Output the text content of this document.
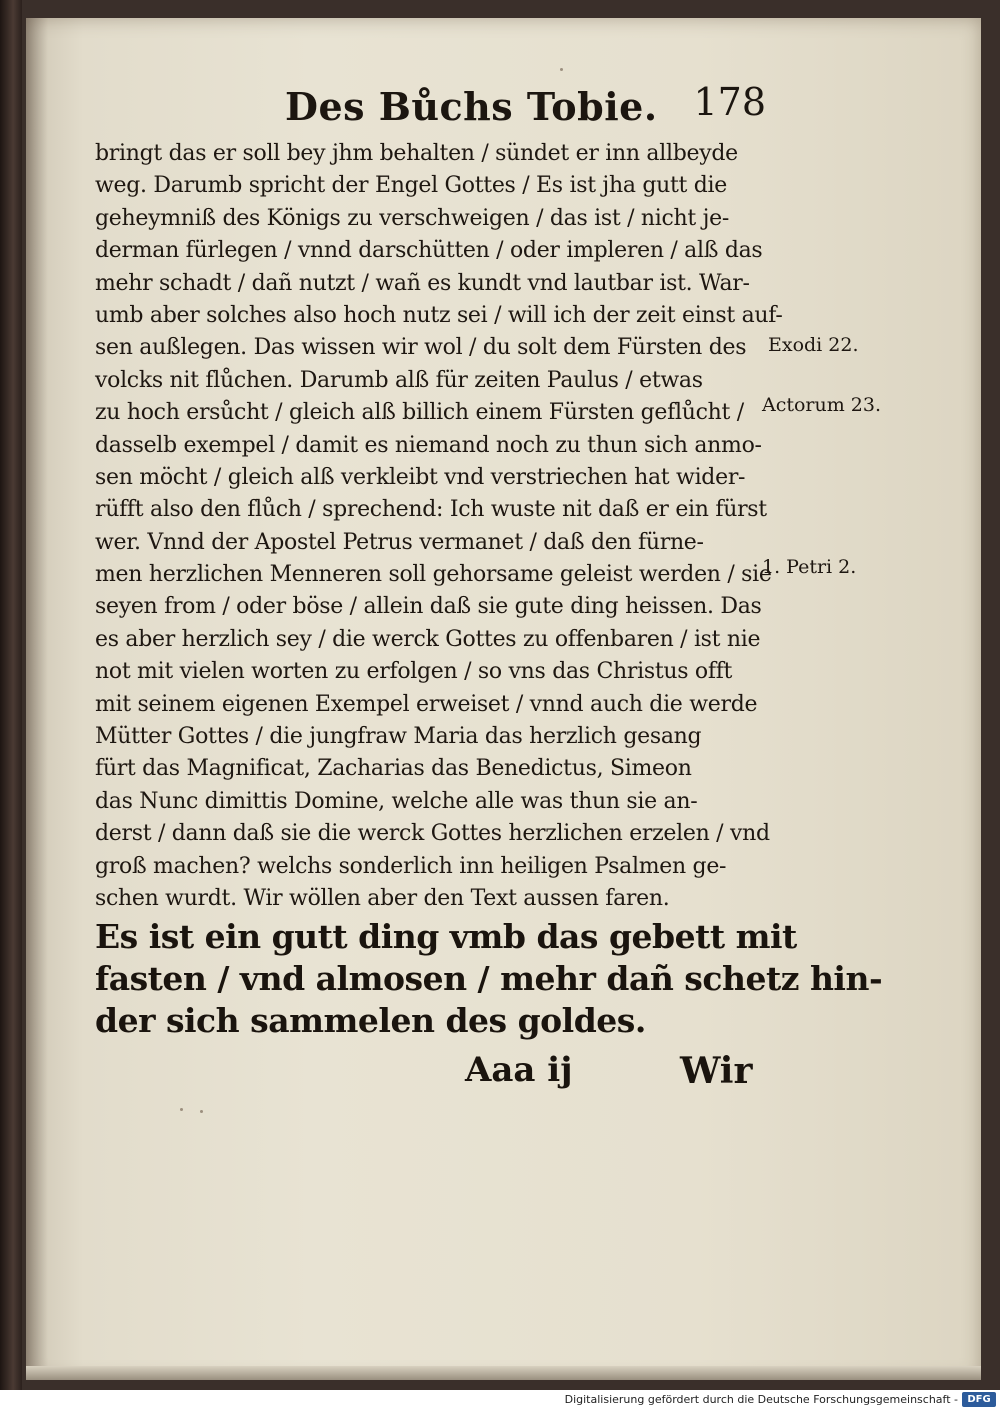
Des Bůchs Tobie. 178
bringt das er soll bey jhm behalten / sündet er inn allbeyde
weg. Darumb spricht der Engel Gottes / Es ist jha gutt die
geheymniß des Königs zu verschweigen / das ist / nicht je-
derman fürlegen / vnnd darschütten / oder impleren / alß das
mehr schadt / dañ nutzt / wañ es kundt vnd lautbar ist. War-
umb aber solches also hoch nutz sei / will ich der zeit einst auf-
sen außlegen. Das wissen wir wol / du solt dem Fürsten des
volcks nit flůchen. Darumb alß für zeiten Paulus / etwas
zu hoch ersůcht / gleich alß billich einem Fürsten geflůcht /
dasselb exempel / damit es niemand noch zu thun sich anmo-
sen möcht / gleich alß verkleibt vnd verstriechen hat wider-
rüfft also den flůch / sprechend: Ich wuste nit daß er ein fürst
wer. Vnnd der Apostel Petrus vermanet / daß den fürne-
men herzlichen Menneren soll gehorsame geleist werden / sie
seyen from / oder böse / allein daß sie gute ding heissen. Das
es aber herzlich sey / die werck Gottes zu offenbaren / ist nie
not mit vielen worten zu erfolgen / so vns das Christus offt
mit seinem eigenen Exempel erweiset / vnnd auch die werde
Mütter Gottes / die jungfraw Maria das herzlich gesang
fürt das Magnificat, Zacharias das Benedictus, Simeon
das Nunc dimittis Domine, welche alle was thun sie an-
derst / dann daß sie die werck Gottes herzlichen erzelen / vnd
groß machen? welchs sonderlich inn heiligen Psalmen ge-
schen wurdt. Wir wöllen aber den Text aussen faren.
Exodi 22.
Actorum 23.
1. Petri 2.
Es ist ein gutt ding vmb das gebett mit
fasten / vnd almosen / mehr dañ schetz hin-
der sich sammelen des goldes.
Aaa ij	Wir
Digitalisierung gefördert durch die Deutsche Forschungsgemeinschaft - DFG
